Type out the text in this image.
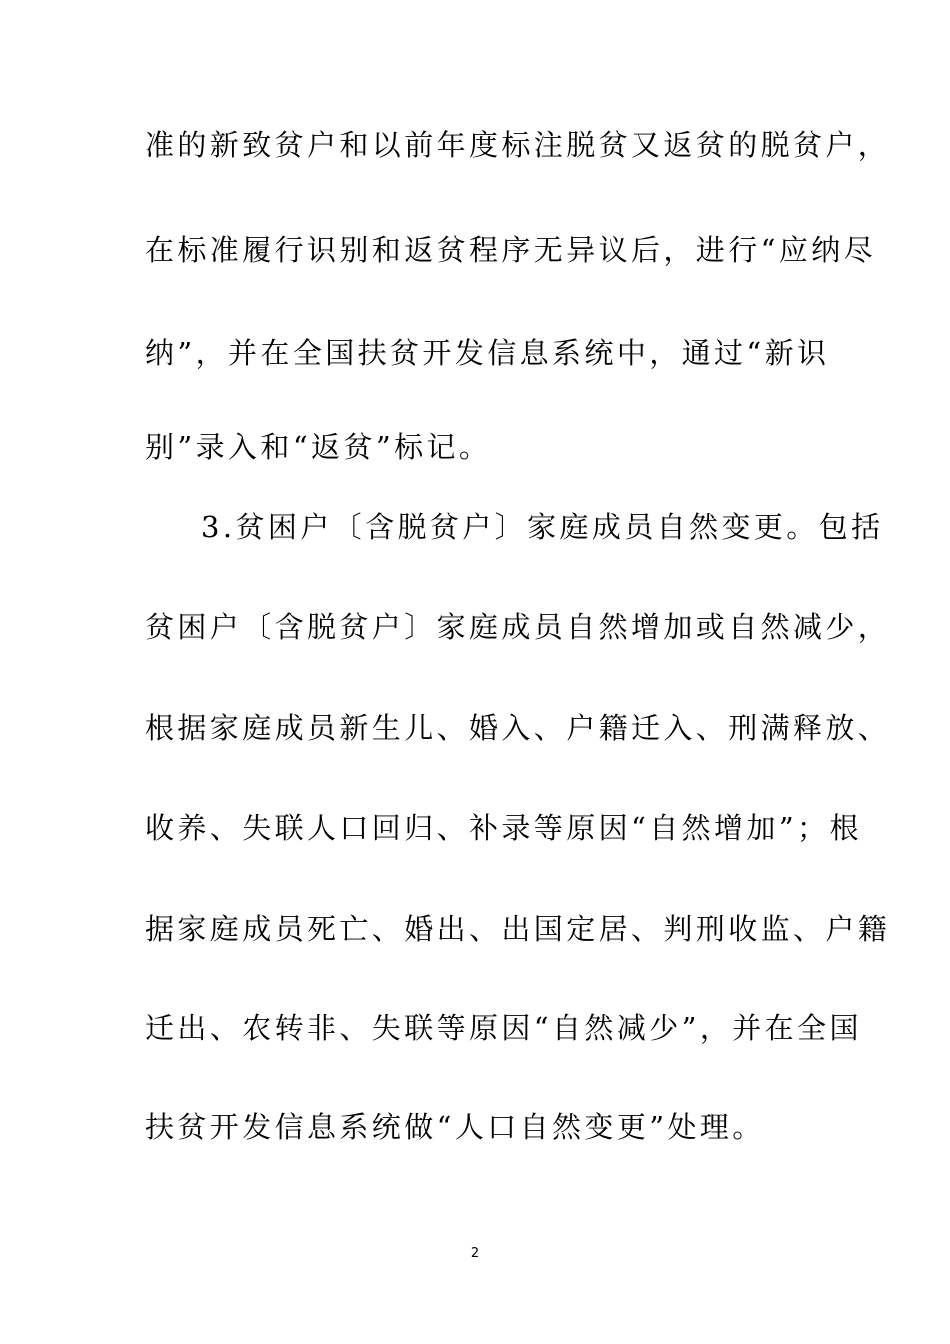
准的新致贫户和以前年度标注脱贫又返贫的脱贫户，
在标准履行识别和返贫程序无异议后，进行“应纳尽
纳”，并在全国扶贫开发信息系统中，通过“新识
别”录入和“返贫”标记。
3.贫困户〔含脱贫户〕家庭成员自然变更。包括
贫困户〔含脱贫户〕家庭成员自然增加或自然减少，
根据家庭成员新生儿、婚入、户籍迁入、刑满释放、
收养、失联人口回归、补录等原因“自然增加”；根
据家庭成员死亡、婚出、出国定居、判刑收监、户籍
迁出、农转非、失联等原因“自然减少”，并在全国
扶贫开发信息系统做“人口自然变更”处理。
2
